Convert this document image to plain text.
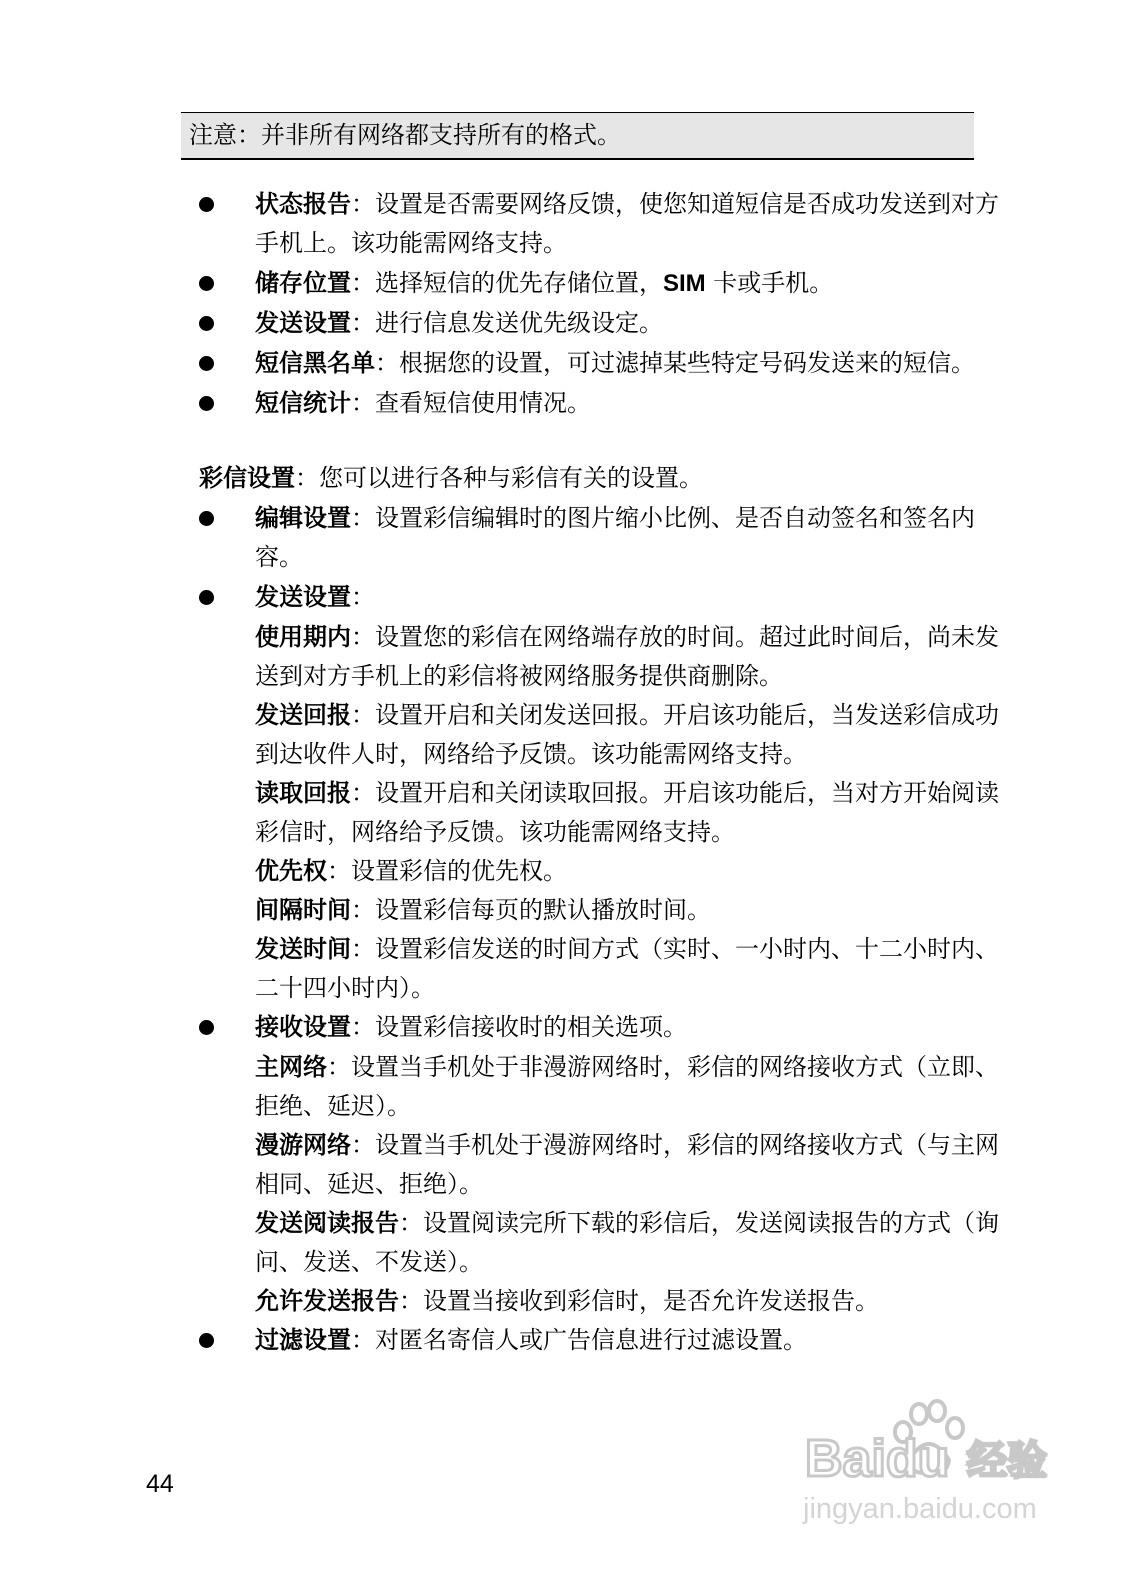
注意：并非所有网络都支持所有的格式。
状态报告：设置是否需要网络反馈，使您知道短信是否成功发送到对方手机上。该功能需网络支持。
储存位置：选择短信的优先存储位置，SIM 卡或手机。
发送设置：进行信息发送优先级设定。
短信黑名单：根据您的设置，可过滤掉某些特定号码发送来的短信。
短信统计：查看短信使用情况。
彩信设置：您可以进行各种与彩信有关的设置。
编辑设置：设置彩信编辑时的图片缩小比例、是否自动签名和签名内容。
发送设置：
使用期内：设置您的彩信在网络端存放的时间。超过此时间后，尚未发送到对方手机上的彩信将被网络服务提供商删除。
发送回报：设置开启和关闭发送回报。开启该功能后，当发送彩信成功到达收件人时，网络给予反馈。该功能需网络支持。
读取回报：设置开启和关闭读取回报。开启该功能后，当对方开始阅读彩信时，网络给予反馈。该功能需网络支持。
优先权：设置彩信的优先权。
间隔时间：设置彩信每页的默认播放时间。
发送时间：设置彩信发送的时间方式（实时、一小时内、十二小时内、二十四小时内）。
接收设置：设置彩信接收时的相关选项。
主网络：设置当手机处于非漫游网络时，彩信的网络接收方式（立即、拒绝、延迟）。
漫游网络：设置当手机处于漫游网络时，彩信的网络接收方式（与主网相同、延迟、拒绝）。
发送阅读报告：设置阅读完所下载的彩信后，发送阅读报告的方式（询问、发送、不发送）。
允许发送报告：设置当接收到彩信时，是否允许发送报告。
过滤设置：对匿名寄信人或广告信息进行过滤设置。
44	Baidu 经验
jingyan.baidu.com
